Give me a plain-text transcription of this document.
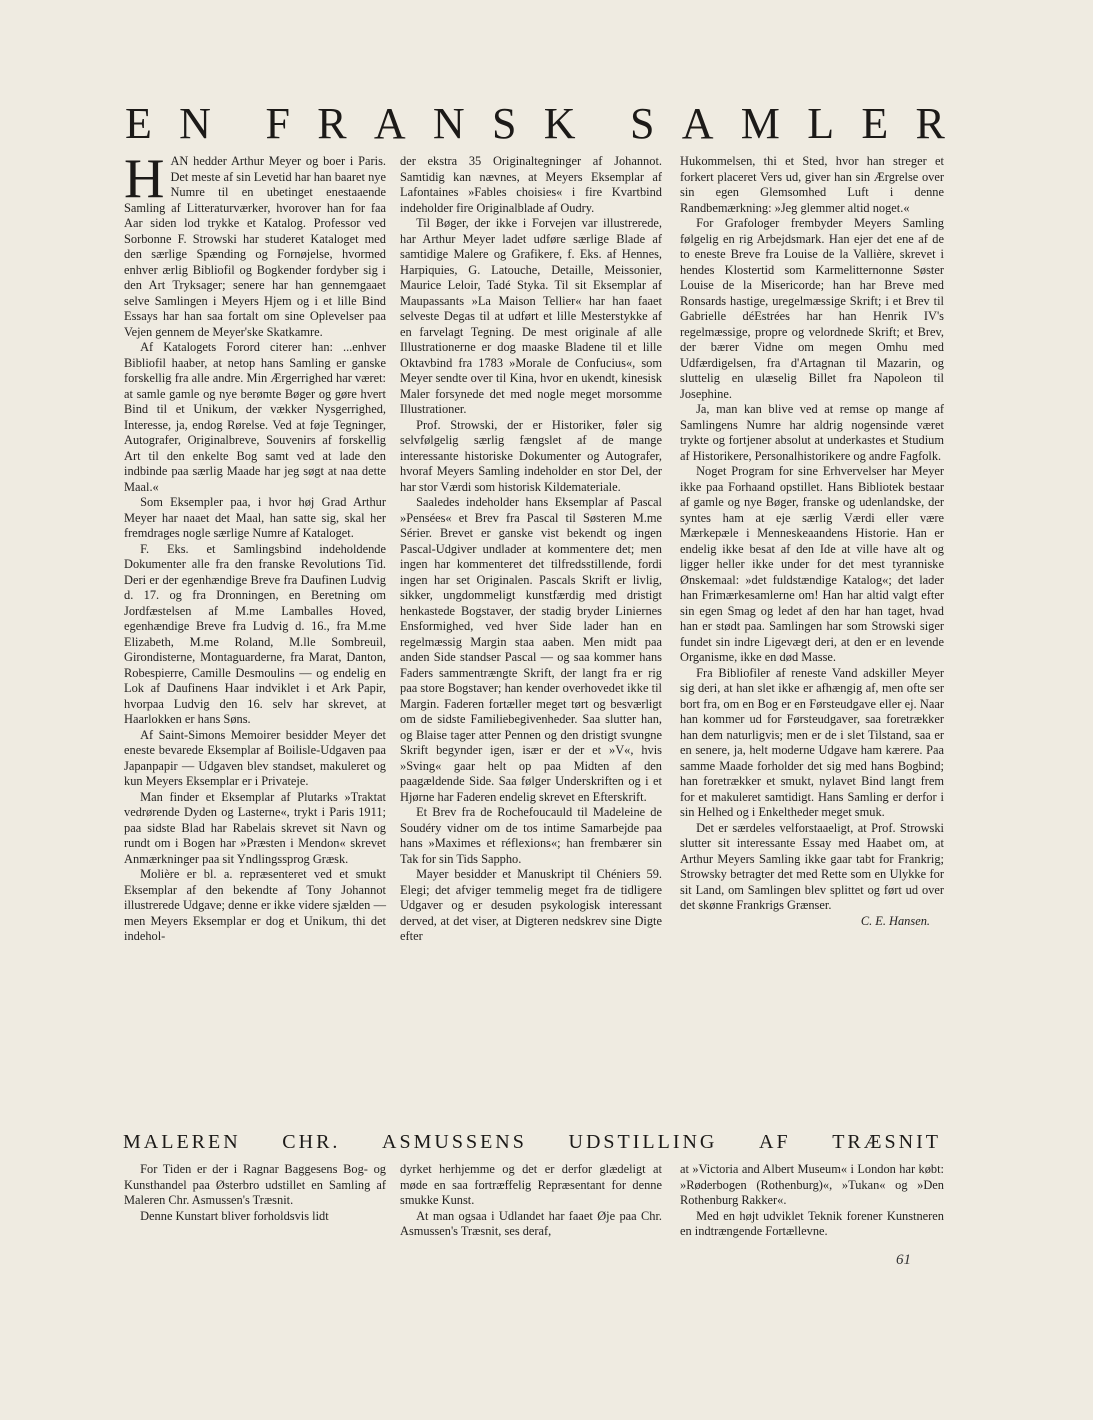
E N F R A N S K S A M L E R

HAN hedder Arthur Meyer og boer i Paris. Det meste af sin Levetid har han baaret nye Numre til en ubetinget enestaaende Samling af Litteraturværker, hvorover han for faa Aar siden lod trykke et Katalog. Professor ved Sorbonne F. Strowski har studeret Kataloget med den særlige Spænding og Fornøjelse, hvormed enhver ærlig Bibliofil og Bogkender fordyber sig i den Art Tryksager; senere har han gennemgaaet selve Samlingen i Meyers Hjem og i et lille Bind Essays har han saa fortalt om sine Oplevelser paa Vejen gennem de Meyer'ske Skatkamre.

Af Katalogets Forord citerer han: ...enhver Bibliofil haaber, at netop hans Samling er ganske forskellig fra alle andre. Min Ærgerrighed har været: at samle gamle og nye berømte Bøger og gøre hvert Bind til et Unikum, der vækker Nysgerrighed, Interesse, ja, endog Rørelse. Ved at føje Tegninger, Autografer, Originalbreve, Souvenirs af forskellig Art til den enkelte Bog samt ved at lade den indbinde paa særlig Maade har jeg søgt at naa dette Maal.«

Som Eksempler paa, i hvor høj Grad Arthur Meyer har naaet det Maal, han satte sig, skal her fremdrages nogle særlige Numre af Kataloget.

F. Eks. et Samlingsbind indeholdende Dokumenter alle fra den franske Revolutions Tid. Deri er der egenhændige Breve fra Daufinen Ludvig d. 17. og fra Dronningen, en Beretning om Jordfæstelsen af M.me Lamballes Hoved, egenhændige Breve fra Ludvig d. 16., fra M.me Elizabeth, M.me Roland, M.lle Sombreuil, Girondisterne, Montaguarderne, fra Marat, Danton, Robespierre, Camille Desmoulins — og endelig en Lok af Daufinens Haar indviklet i et Ark Papir, hvorpaa Ludvig den 16. selv har skrevet, at Haarlokken er hans Søns.

Af Saint-Simons Memoirer besidder Meyer det eneste bevarede Eksemplar af Boilisle-Udgaven paa Japanpapir — Udgaven blev standset, makuleret og kun Meyers Eksemplar er i Privateje.

Man finder et Eksemplar af Plutarks »Traktat vedrørende Dyden og Lasterne«, trykt i Paris 1911; paa sidste Blad har Rabelais skrevet sit Navn og rundt om i Bogen har »Præsten i Mendon« skrevet Anmærkninger paa sit Yndlingssprog Græsk.

Molière er bl. a. repræsenteret ved et smukt Eksemplar af den bekendte af Tony Johannot illustrerede Udgave; denne er ikke videre sjælden — men Meyers Eksemplar er dog et Unikum, thi det indehol-

der ekstra 35 Originaltegninger af Johannot. Samtidig kan nævnes, at Meyers Eksemplar af Lafontaines »Fables choisies« i fire Kvartbind indeholder fire Originalblade af Oudry.

Til Bøger, der ikke i Forvejen var illustrerede, har Arthur Meyer ladet udføre særlige Blade af samtidige Malere og Grafikere, f. Eks. af Hennes, Harpiquies, G. Latouche, Detaille, Meissonier, Maurice Leloir, Tadé Styka. Til sit Eksemplar af Maupassants »La Maison Tellier« har han faaet selveste Degas til at udført et lille Mesterstykke af en farvelagt Tegning. De mest originale af alle Illustrationerne er dog maaske Bladene til et lille Oktavbind fra 1783 »Morale de Confucius«, som Meyer sendte over til Kina, hvor en ukendt, kinesisk Maler forsynede det med nogle meget morsomme Illustrationer.

Prof. Strowski, der er Historiker, føler sig selvfølgelig særlig fængslet af de mange interessante historiske Dokumenter og Autografer, hvoraf Meyers Samling indeholder en stor Del, der har stor Værdi som historisk Kildemateriale.

Saaledes indeholder hans Eksemplar af Pascal »Pensées« et Brev fra Pascal til Søsteren M.me Sérier. Brevet er ganske vist bekendt og ingen Pascal-Udgiver undlader at kommentere det; men ingen har kommenteret det tilfredsstillende, fordi ingen har set Originalen. Pascals Skrift er livlig, sikker, ungdommeligt kunstfærdig med dristigt henkastede Bogstaver, der stadig bryder Liniernes Ensformighed, ved hver Side lader han en regelmæssig Margin staa aaben. Men midt paa anden Side standser Pascal — og saa kommer hans Faders sammentrængte Skrift, der langt fra er rig paa store Bogstaver; han kender overhovedet ikke til Margin. Faderen fortæller meget tørt og besværligt om de sidste Familiebegivenheder. Saa slutter han, og Blaise tager atter Pennen og den dristigt svungne Skrift begynder igen, især er der et »V«, hvis »Sving« gaar helt op paa Midten af den paagældende Side. Saa følger Underskriften og i et Hjørne har Faderen endelig skrevet en Efterskrift.

Et Brev fra de Rochefoucauld til Madeleine de Soudéry vidner om de tos intime Samarbejde paa hans »Maximes et réflexions«; han frembærer sin Tak for sin Tids Sappho.

Mayer besidder et Manuskript til Chéniers 59. Elegi; det afviger temmelig meget fra de tidligere Udgaver og er desuden psykologisk interessant derved, at det viser, at Digteren nedskrev sine Digte efter

Hukommelsen, thi et Sted, hvor han streger et forkert placeret Vers ud, giver han sin Ærgrelse over sin egen Glemsomhed Luft i denne Randbemærkning: »Jeg glemmer altid noget.«

For Grafologer frembyder Meyers Samling følgelig en rig Arbejdsmark. Han ejer det ene af de to eneste Breve fra Louise de la Vallière, skrevet i hendes Klostertid som Karmelitternonne Søster Louise de la Misericorde; han har Breve med Ronsards hastige, uregelmæssige Skrift; i et Brev til Gabrielle déEstrées har han Henrik IV's regelmæssige, propre og velordnede Skrift; et Brev, der bærer Vidne om megen Omhu med Udfærdigelsen, fra d'Artagnan til Mazarin, og sluttelig en ulæselig Billet fra Napoleon til Josephine.

Ja, man kan blive ved at remse op mange af Samlingens Numre har aldrig nogensinde været trykte og fortjener absolut at underkastes et Studium af Historikere, Personalhistorikere og andre Fagfolk.

Noget Program for sine Erhvervelser har Meyer ikke paa Forhaand opstillet. Hans Bibliotek bestaar af gamle og nye Bøger, franske og udenlandske, der syntes ham at eje særlig Værdi eller være Mærkepæle i Menneskeaandens Historie. Han er endelig ikke besat af den Ide at ville have alt og ligger heller ikke under for det mest tyranniske Ønskemaal: »det fuldstændige Katalog«; det lader han Frimærkesamlerne om! Han har altid valgt efter sin egen Smag og ledet af den har han taget, hvad han er stødt paa. Samlingen har som Strowski siger fundet sin indre Ligevægt deri, at den er en levende Organisme, ikke en død Masse.

Fra Bibliofiler af reneste Vand adskiller Meyer sig deri, at han slet ikke er afhængig af, men ofte ser bort fra, om en Bog er en Førsteudgave eller ej. Naar han kommer ud for Førsteudgaver, saa foretrækker han dem naturligvis; men er de i slet Tilstand, saa er en senere, ja, helt moderne Udgave ham kærere. Paa samme Maade forholder det sig med hans Bogbind; han foretrækker et smukt, nylavet Bind langt frem for et makuleret samtidigt. Hans Samling er derfor i sin Helhed og i Enkeltheder meget smuk.

Det er særdeles velforstaaeligt, at Prof. Strowski slutter sit interessante Essay med Haabet om, at Arthur Meyers Samling ikke gaar tabt for Frankrig; Strowsky betragter det med Rette som en Ulykke for sit Land, om Samlingen blev splittet og ført ud over det skønne Frankrigs Grænser.

C. E. Hansen.

MALEREN CHR. ASMUSSENS UDSTILLING AF TRÆSNIT

For Tiden er der i Ragnar Baggesens Bog- og Kunsthandel paa Østerbro udstillet en Samling af Maleren Chr. Asmussen's Træsnit.

Denne Kunstart bliver forholdsvis lidt

dyrket herhjemme og det er derfor glædeligt at møde en saa fortræffelig Repræsentant for denne smukke Kunst.

At man ogsaa i Udlandet har faaet Øje paa Chr. Asmussen's Træsnit, ses deraf,

at »Victoria and Albert Museum« i London har købt: »Røderbogen (Rothenburg)«, »Tukan« og »Den Rothenburg Rakker«.

Med en højt udviklet Teknik forener Kunstneren en indtrængende Fortællevne.

61
